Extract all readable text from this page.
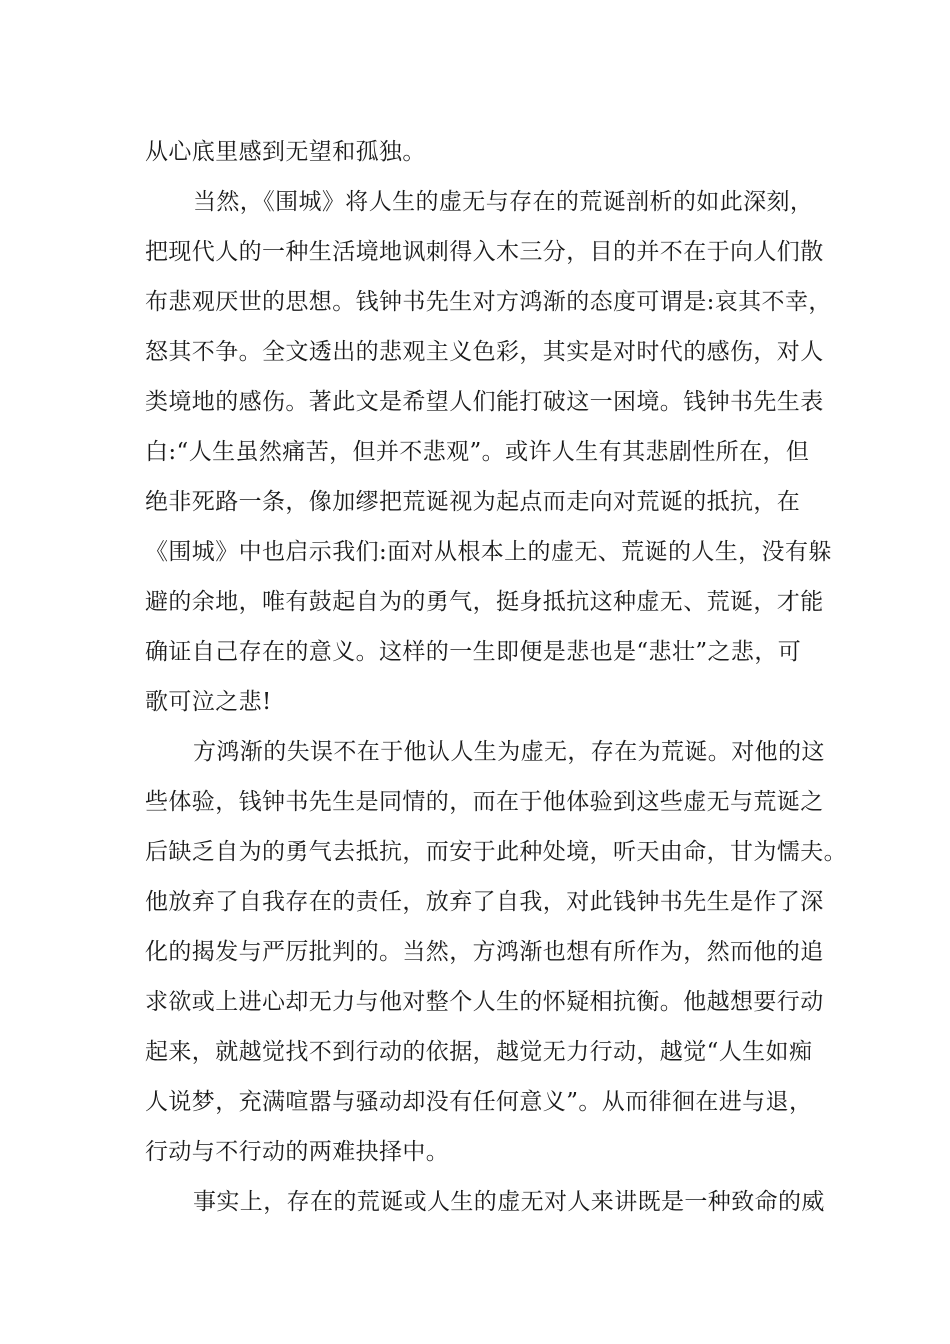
从心底里感到无望和孤独。
当然，《围城》将人生的虚无与存在的荒诞剖析的如此深刻，
把现代人的一种生活境地讽刺得入木三分，目的并不在于向人们散
布悲观厌世的思想。钱钟书先生对方鸿渐的态度可谓是:哀其不幸，
怒其不争。全文透出的悲观主义色彩，其实是对时代的感伤，对人
类境地的感伤。著此文是希望人们能打破这一困境。钱钟书先生表
白:“人生虽然痛苦，但并不悲观”。或许人生有其悲剧性所在，但
绝非死路一条，像加缪把荒诞视为起点而走向对荒诞的抵抗，在
《围城》中也启示我们:面对从根本上的虚无、荒诞的人生，没有躲
避的余地，唯有鼓起自为的勇气，挺身抵抗这种虚无、荒诞，才能
确证自己存在的意义。这样的一生即便是悲也是“悲壮”之悲，可
歌可泣之悲!
方鸿渐的失误不在于他认人生为虚无，存在为荒诞。对他的这
些体验，钱钟书先生是同情的，而在于他体验到这些虚无与荒诞之
后缺乏自为的勇气去抵抗，而安于此种处境，听天由命，甘为懦夫。
他放弃了自我存在的责任，放弃了自我，对此钱钟书先生是作了深
化的揭发与严厉批判的。当然，方鸿渐也想有所作为，然而他的追
求欲或上进心却无力与他对整个人生的怀疑相抗衡。他越想要行动
起来，就越觉找不到行动的依据，越觉无力行动，越觉“人生如痴
人说梦，充满喧嚣与骚动却没有任何意义”。从而徘徊在进与退，
行动与不行动的两难抉择中。
事实上，存在的荒诞或人生的虚无对人来讲既是一种致命的威
